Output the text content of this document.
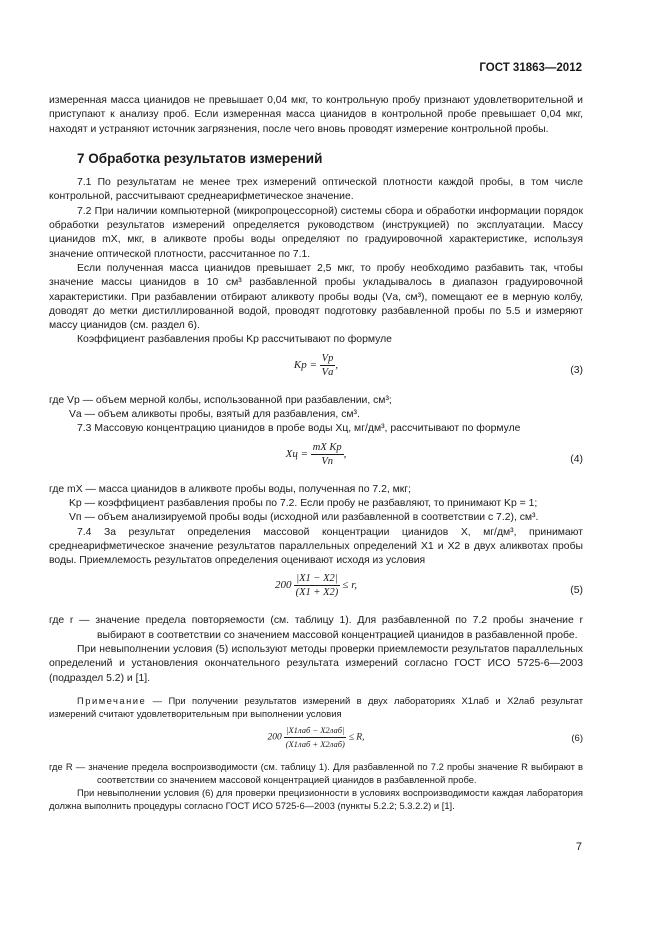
ГОСТ 31863—2012

измеренная масса цианидов не превышает 0,04 мкг, то контрольную пробу признают удовлетворительной и приступают к анализу проб. Если измеренная масса цианидов в контрольной пробе превышает 0,04 мкг, находят и устраняют источник загрязнения, после чего вновь проводят измерение контрольной пробы.

7 Обработка результатов измерений

7.1 По результатам не менее трех измерений оптической плотности каждой пробы, в том числе контрольной, рассчитывают среднеарифметическое значение.

7.2 При наличии компьютерной (микропроцессорной) системы сбора и обработки информации порядок обработки результатов измерений определяется руководством (инструкцией) по эксплуатации. Массу цианидов mX, мкг, в аликвоте пробы воды определяют по градуировочной характеристике, используя значение оптической плотности, рассчитанное по 7.1.

Если полученная масса цианидов превышает 2,5 мкг, то пробу необходимо разбавить так, чтобы значение массы цианидов в 10 см³ разбавленной пробы укладывалось в диапазон градуировочной характеристики. При разбавлении отбирают аликвоту пробы воды (Vа, см³), помещают ее в мерную колбу, доводят до метки дистиллированной водой, проводят подготовку разбавленной пробы по 5.5 и измеряют массу цианидов (см. раздел 6).

Коэффициент разбавления пробы Kр рассчитывают по формуле

Kр = $\frac{Vр}{Vа}$ ,	(3)

где Vр — объем мерной колбы, использованной при разбавлении, см³;

Vа — объем аликвоты пробы, взятый для разбавления, см³.

7.3 Массовую концентрацию цианидов в пробе воды Xц, мг/дм³, рассчитывают по формуле

Xц = $\frac{\text{mX Kр}}{Vп}$ ,	(4)

где mX — масса цианидов в аликвоте пробы воды, полученная по 7.2, мкг;

Kр — коэффициент разбавления пробы по 7.2. Если пробу не разбавляют, то принимают Kр = 1;

Vп — объем анализируемой пробы воды (исходной или разбавленной в соответствии с 7.2), см³.

7.4 За результат определения массовой концентрации цианидов X, мг/дм³, принимают среднеарифметическое значение результатов параллельных определений X1 и X2 в двух аликвотах пробы воды. Приемлемость результатов определения оценивают исходя из условия

$200 \frac{|X1 - X2|}{(X1 + X2)} \le r$,	(5)

где r — значение предела повторяемости (см. таблицу 1). Для разбавленной по 7.2 пробы значение r выбирают в соответствии со значением массовой концентрацией цианидов в разбавленной пробе.

При невыполнении условия (5) используют методы проверки приемлемости результатов параллельных определений и установления окончательного результата измерений согласно ГОСТ ИСО 5725-6—2003 (подраздел 5.2) и [1].

Примечание — При получении результатов измерений в двух лабораториях X1лаб и X2лаб результат измерений считают удовлетворительным при выполнении условия

$200 \frac{\text{|X1лаб − X2лаб|}}{\text{(X1лаб + X2лаб)}} \le R$,	(6)

где R — значение предела воспроизводимости (см. таблицу 1). Для разбавленной по 7.2 пробы значение R выбирают в соответствии со значением массовой концентрацией цианидов в разбавленной пробе.

При невыполнении условия (6) для проверки прецизионности в условиях воспроизводимости каждая лаборатория должна выполнить процедуры согласно ГОСТ ИСО 5725-6—2003 (пункты 5.2.2; 5.3.2.2) и [1].

7
